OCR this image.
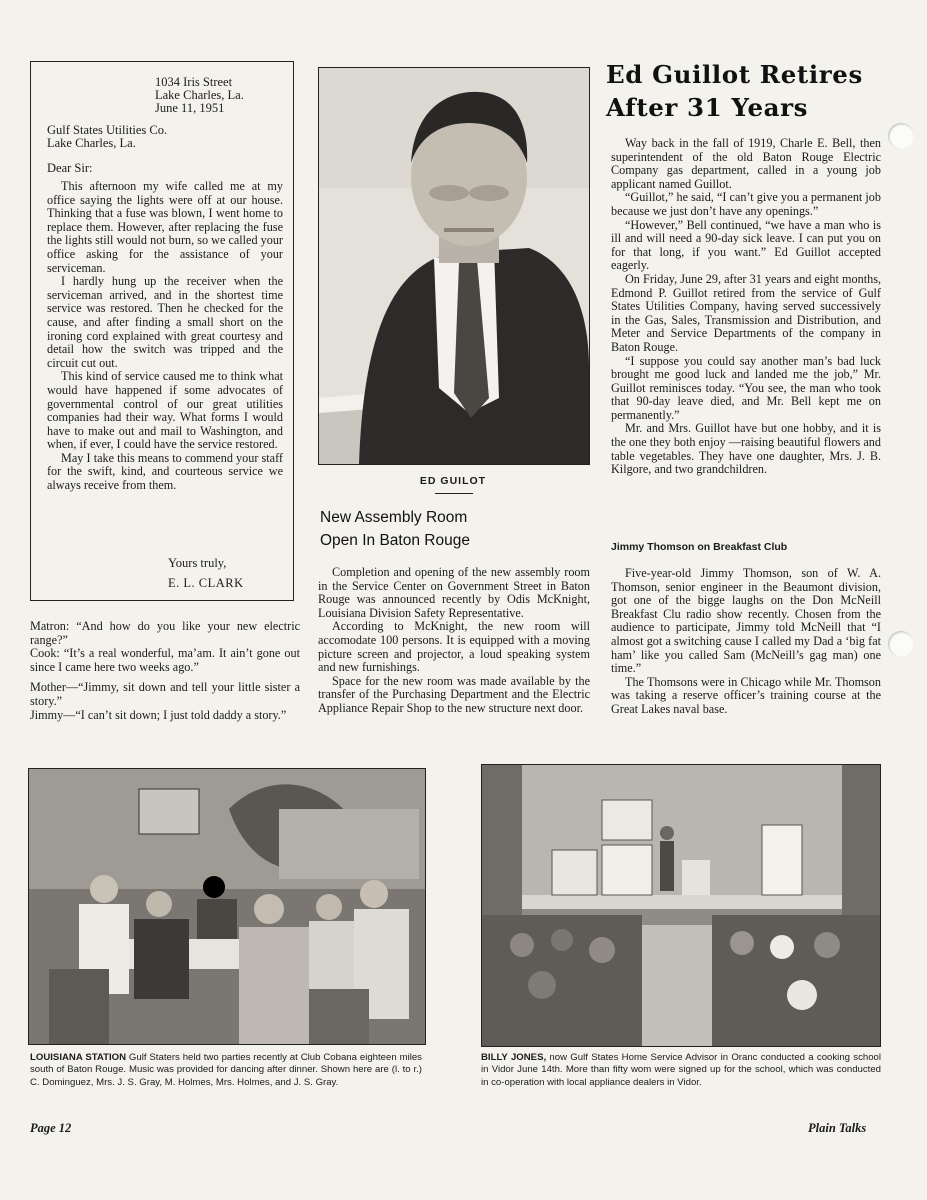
1034 Iris Street
Lake Charles, La.
June 11, 1951
Gulf States Utilities Co.
Lake Charles, La.
Dear Sir:

This afternoon my wife called me at my office saying the lights were off at our house. Thinking that a fuse was blown, I went home to replace them. However, after replacing the fuse the lights still would not burn, so we called your office asking for the assistance of your serviceman.

I hardly hung up the receiver when the serviceman arrived, and in the shortest time service was restored. Then he checked for the cause, and after finding a small short on the ironing cord explained with great courtesy and detail how the switch was tripped and the circuit cut out.

This kind of service caused me to think what would have happened if some advocates of governmental control of our great utilities companies had their way. What forms I would have to make out and mail to Washington, and when, if ever, I could have the service restored.

May I take this means to commend your staff for the swift, kind, and courteous service we always receive from them.

Yours truly,
E. L. CLARK

Matron: “And how do you like your new electric range?”

Cook: “It’s a real wonderful, ma’am. It ain’t gone out since I came here two weeks ago.”

Mother—“Jimmy, sit down and tell your little sister a story.”

Jimmy—“I can’t sit down; I just told daddy a story.”

ED GUILOT
New Assembly Room
Open In Baton Rouge

Completion and opening of the new assembly room in the Service Center on Government Street in Baton Rouge was announced recently by Odis McKnight, Louisiana Division Safety Representative.

According to McKnight, the new room will accomodate 100 persons. It is equipped with a moving picture screen and projector, a loud speaking system and new furnishings.

Space for the new room was made available by the transfer of the Purchasing Department and the Electric Appliance Repair Shop to the new structure next door.

Ed Guillot Retires
After 31 Years

Way back in the fall of 1919, Charle E. Bell, then superintendent of the old Baton Rouge Electric Company gas department, called in a young job applicant named Guillot.

“Guillot,” he said, “I can’t give you a permanent job because we just don’t have any openings.”

“However,” Bell continued, “we have a man who is ill and will need a 90-day sick leave. I can put you on for that long, if you want.” Ed Guillot accepted eagerly.

On Friday, June 29, after 31 years and eight months, Edmond P. Guillot retired from the service of Gulf States Utilities Company, having served successively in the Gas, Sales, Transmission and Distribution, and Meter and Service Departments of the company in Baton Rouge.

“I suppose you could say another man’s bad luck brought me good luck and landed me the job,” Mr. Guillot reminisces today. “You see, the man who took that 90-day leave died, and Mr. Bell kept me on permanently.”

Mr. and Mrs. Guillot have but one hobby, and it is the one they both enjoy —raising beautiful flowers and table vegetables. They have one daughter, Mrs. J. B. Kilgore, and two grandchildren.

Jimmy Thomson on Breakfast Club

Five-year-old Jimmy Thomson, son of W. A. Thomson, senior engineer in the Beaumont division, got one of the bigge laughs on the Don McNeill Breakfast Clu radio show recently. Chosen from the audience to participate, Jimmy told McNeill that “I almost got a switching cause I called my Dad a ‘big fat ham’ like you called Sam (McNeill’s gag man) one time.”

The Thomsons were in Chicago while Mr. Thomson was taking a reserve officer’s training course at the Great Lakes naval base.

LOUISIANA STATION Gulf Staters held two parties recently at Club Cobana eighteen miles south of Baton Rouge. Music was provided for dancing after dinner. Shown here are (l. to r.) C. Dominguez, Mrs. J. S. Gray, M. Holmes, Mrs. Holmes, and J. S. Gray.
BILLY JONES, now Gulf States Home Service Advisor in Oranc conducted a cooking school in Vidor June 14th. More than fifty wom were signed up for the school, which was conducted in co-operation with local appliance dealers in Vidor.
Page 12	Plain Talks
